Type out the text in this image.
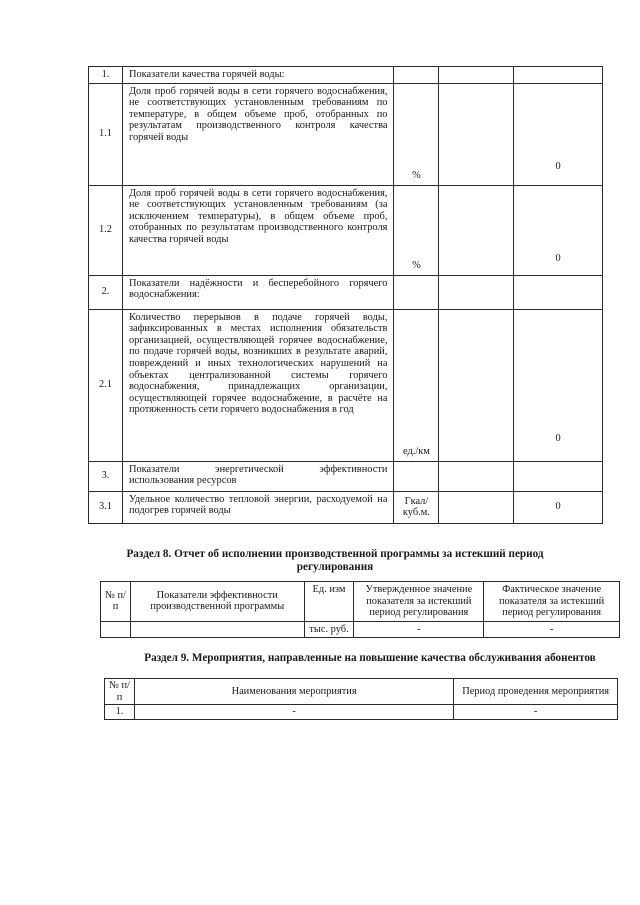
1.	Показатели качества горячей воды:			
1.1	Доля проб горячей воды в сети горячего водоснабжения, не соответствующих установленным требованиям по температуре, в общем объеме проб, отобранных по результатам производственного контроля качества горячей воды	%		0
1.2	Доля проб горячей воды в сети горячего водоснабжения, не соответствующих установленным требованиям (за исключением температуры), в общем объеме проб, отобранных по результатам производственного контроля качества горячей воды	%		0
2.	Показатели надёжности и бесперебойного горячего водоснабжения:			
2.1	Количество перерывов в подаче горячей воды, зафиксированных в местах исполнения обязательств организацией, осуществляющей горячее водоснабжение, по подаче горячей воды, возникших в результате аварий, повреждений и иных технологических нарушений на объектах централизованной системы горячего водоснабжения, принадлежащих организации, осуществляющей горячее водоснабжение, в расчёте на протяженность сети горячего водоснабжения в год	ед./км		0
3.	Показатели энергетической эффективности использования ресурсов			
3.1	Удельное количество тепловой энергии, расходуемой на подогрев горячей воды	Гкал/ куб.м.		0
Раздел 8. Отчет об исполнении производственной программы за истекший период регулирования
№ п/п	Показатели эффективности производственной программы	Ед. изм	Утвержденное значение показателя за истекший период регулирования	Фактическое значение показателя за истекший период регулирования
		тыс. руб.	-	-
Раздел 9. Мероприятия, направленные на повышение качества обслуживания абонентов
№ п/п	Наименования мероприятия	Период проведения мероприятия
1.	-	-
